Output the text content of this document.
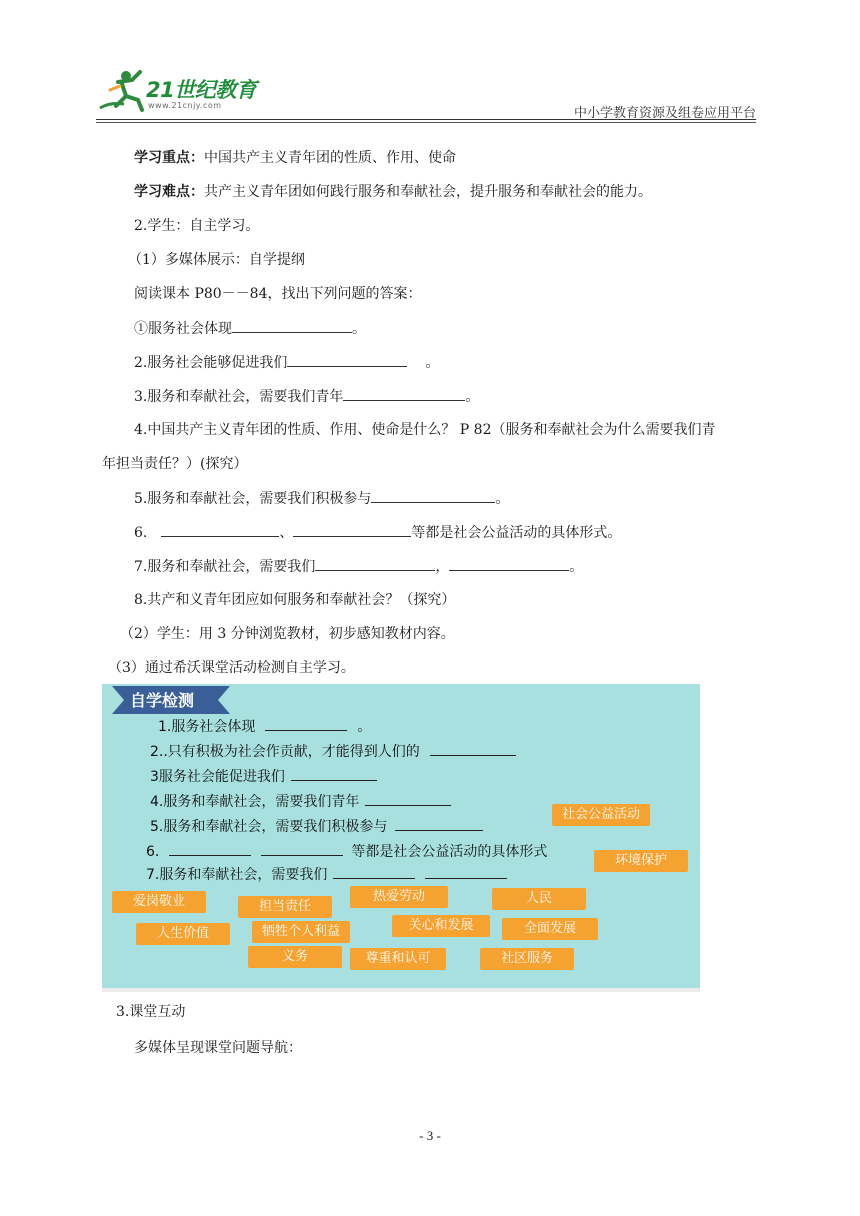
21世纪教育
www.21cnjy.com
中小学教育资源及组卷应用平台
学习重点：中国共产主义青年团的性质、作用、使命
学习难点：共产主义青年团如何践行服务和奉献社会，提升服务和奉献社会的能力。
2.学生：自主学习。
（1）多媒体展示：自学提纲
阅读课本 P80－－84，找出下列问题的答案：
①服务社会体现	。
2.服务社会能够促进我们	。
3.服务和奉献社会，需要我们青年	。
4.中国共产主义青年团的性质、作用、使命是什么？ P 82（服务和奉献社会为什么需要我们青
年担当责任？）(探究）
5.服务和奉献社会，需要我们积极参与	。
6.	、	等都是社会公益活动的具体形式。
7.服务和奉献社会，需要我们	，	。
8.共产和义青年团应如何服务和奉献社会？（探究）
（2）学生：用 3 分钟浏览教材，初步感知教材内容。
（3）通过希沃课堂活动检测自主学习。
自学检测
1.服务社会体现	。
2..只有积极为社会作贡献，才能得到人们的
3服务社会能促进我们
4.服务和奉献社会，需要我们青年
5.服务和奉献社会，需要我们积极参与
6.	等都是社会公益活动的具体形式
7.服务和奉献社会，需要我们
社会公益活动
环境保护
爱岗敬业	担当责任
热爱劳动	人民
关心和发展	全面发展
人生价值	牺牲个人利益
义务	尊重和认可	社区服务
3.课堂互动
多媒体呈现课堂问题导航：
- 3 -
